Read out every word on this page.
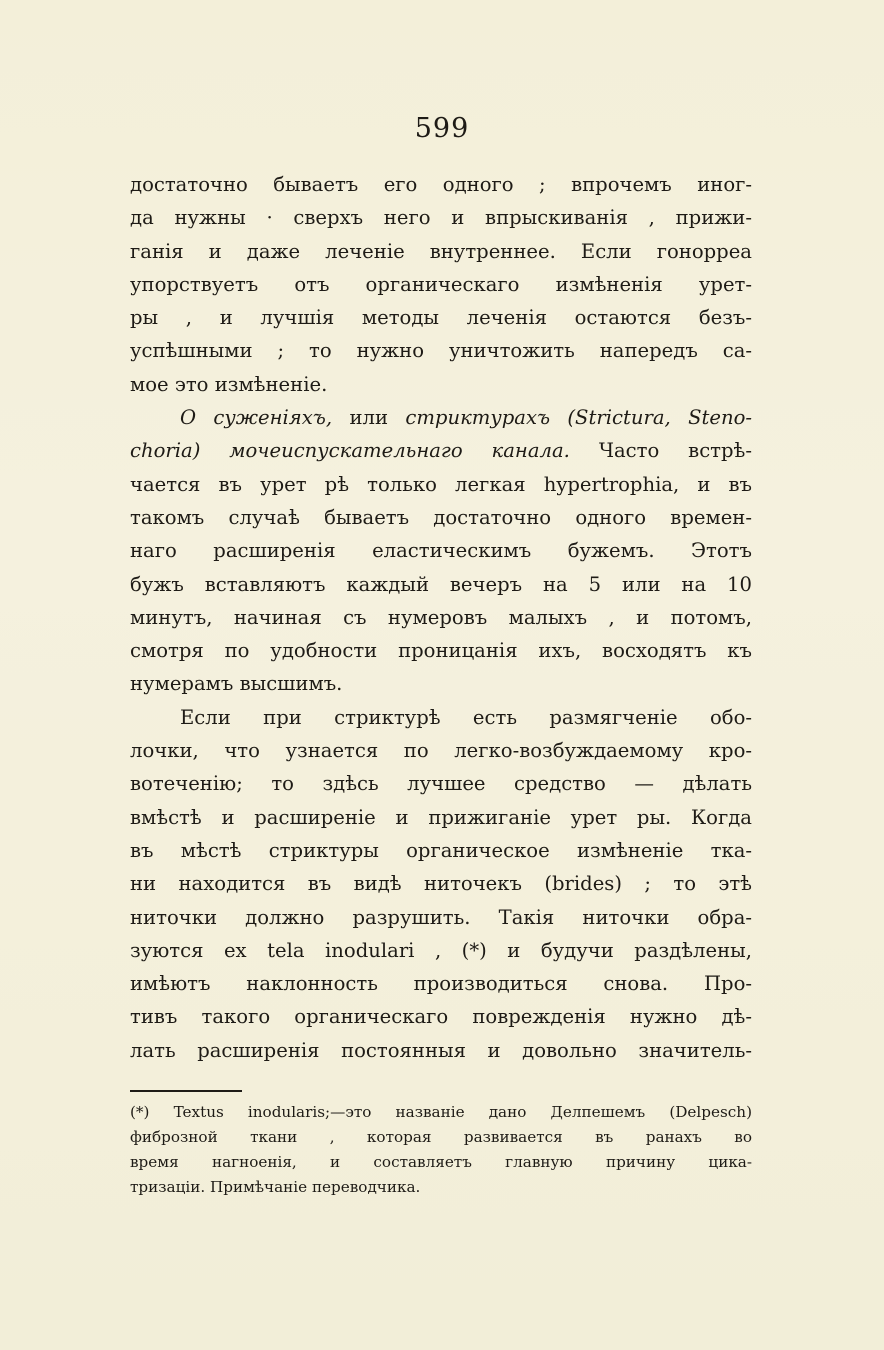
599
достаточно бываетъ его одного ; впрочемъ иног-
да нужны · сверхъ него и впрыскиванія , прижи-
ганія и даже леченіе внутреннее. Если гонорреа
упорствуетъ отъ органическаго измѣненія урет-
ры , и лучшія методы леченія остаются безъ-
успѣшными ; то нужно уничтожить напередъ са-
мое это измѣненіе.
О суженіяхъ, или стриктурахъ (Strictura, Steno-
chorіа) мочеиспускательнаго канала. Часто встрѣ-
чается въ урет рѣ только легкая hypertrophia, и въ
такомъ случаѣ бываетъ достаточно одного времен-
наго расширенія еластическимъ бужемъ. Этотъ
бужъ вставляютъ каждый вечеръ на 5 или на 10
минутъ, начиная съ нумеровъ малыхъ , и потомъ,
смотря по удобности проницанія ихъ, восходятъ къ
нумерамъ высшимъ.
Если при стриктурѣ есть размягченіе обо-
лочки, что узнается по легко-возбуждаемому кро-
вотеченію; то здѣсь лучшее средство — дѣлать
вмѣстѣ и расширеніе и прижиганіе урет ры. Когда
въ мѣстѣ стриктуры органическое измѣненіе тка-
ни находится въ видѣ ниточекъ (brides) ; то этѣ
ниточки должно разрушить. Такія ниточки обра-
зуются ex tela inodulari , (*) и будучи раздѣлены,
имѣютъ наклонность производиться снова. Про-
тивъ такого органическаго поврежденія нужно дѣ-
лать расширенія постоянныя и довольно значитель-
(*) Textus inodularis;—это названіе дано Делпешемъ (Delpesch)
фиброзной ткани , которая развивается въ ранахъ во
время нагноенія, и составляетъ главную причину цика-
тризаціи. Примѣчаніе переводчика.
